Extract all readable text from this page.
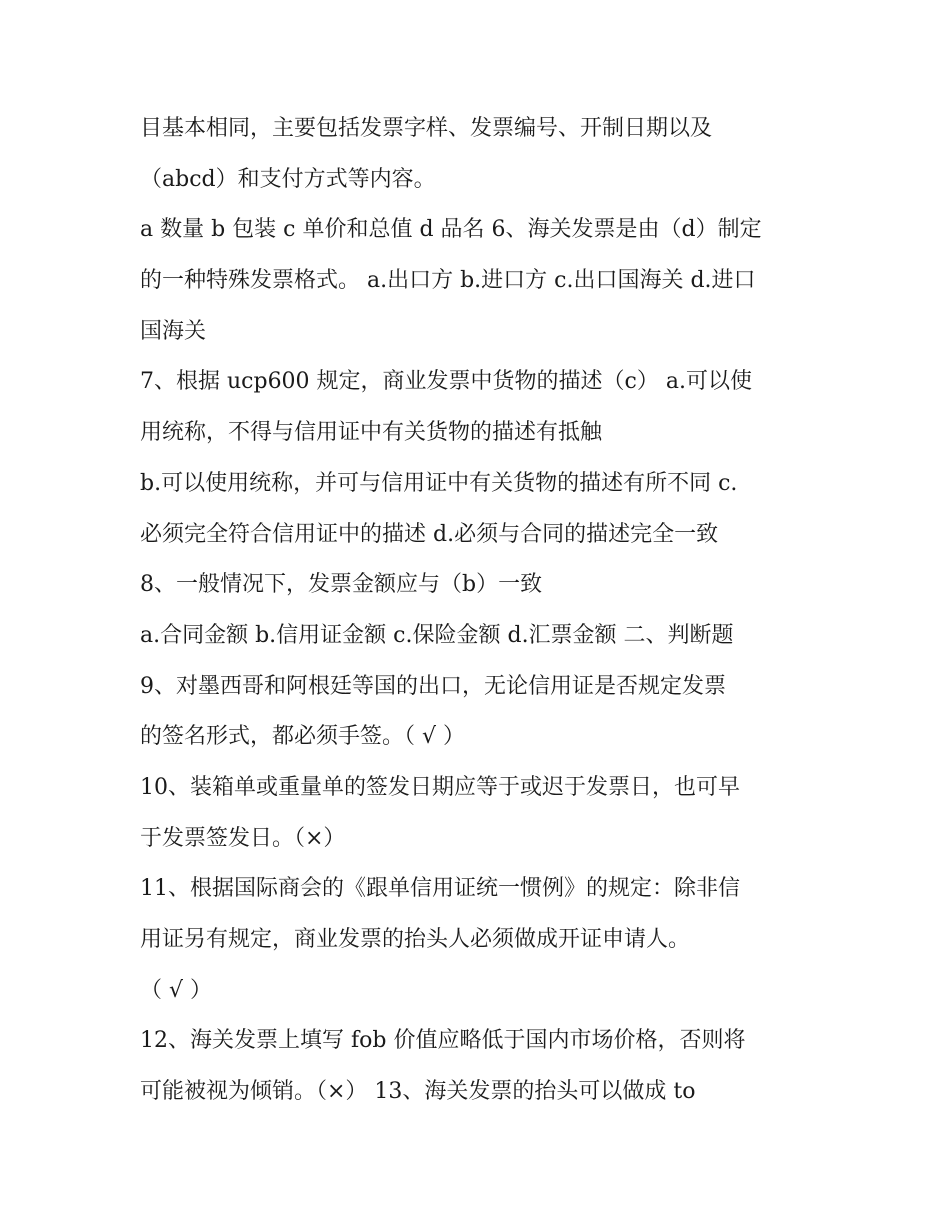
目基本相同，主要包括发票字样、发票编号、开制日期以及
（abcd）和支付方式等内容。
a 数量 b 包装 c 单价和总值 d 品名 6、海关发票是由（d）制定
的一种特殊发票格式。 a.出口方 b.进口方 c.出口国海关 d.进口
国海关
7、根据 ucp600 规定，商业发票中货物的描述（c） a.可以使
用统称，不得与信用证中有关货物的描述有抵触
b.可以使用统称，并可与信用证中有关货物的描述有所不同 c.
必须完全符合信用证中的描述 d.必须与合同的描述完全一致
8、一般情况下，发票金额应与（b）一致
a.合同金额 b.信用证金额 c.保险金额 d.汇票金额 二、判断题
9、对墨西哥和阿根廷等国的出口，无论信用证是否规定发票
的签名形式，都必须手签。（ √ ）
10、装箱单或重量单的签发日期应等于或迟于发票日，也可早
于发票签发日。（×）
11、根据国际商会的《跟单信用证统一惯例》的规定：除非信
用证另有规定，商业发票的抬头人必须做成开证申请人。
（ √ ）
12、海关发票上填写 fob 价值应略低于国内市场价格，否则将
可能被视为倾销。（×） 13、海关发票的抬头可以做成 to
